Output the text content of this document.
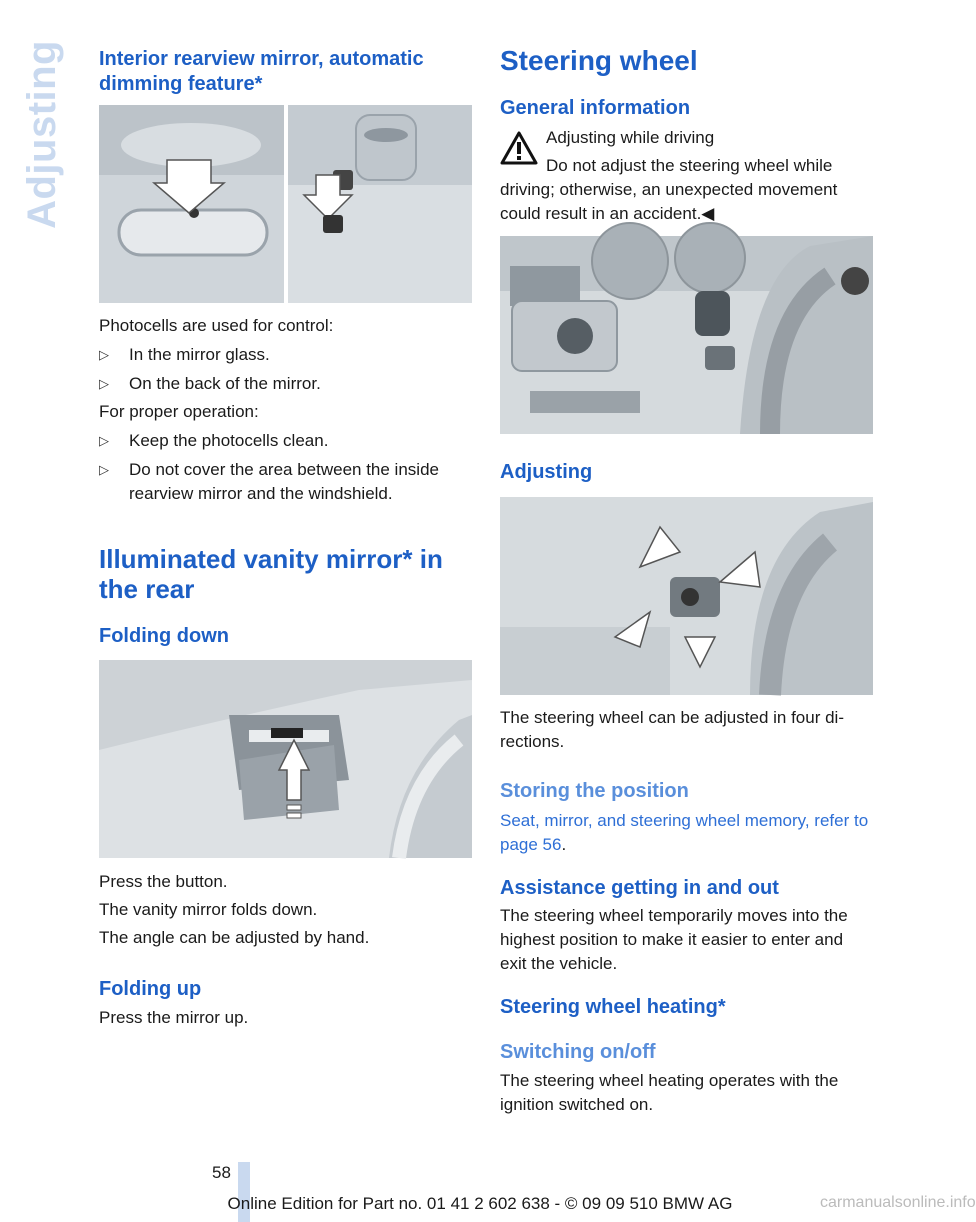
Adjusting Interior rearview mirror, automatic dimming feature*
Photocells are used for control:
▷ In the mirror glass.
▷ On the back of the mirror.
For proper operation:
▷ Keep the photocells clean.
▷ Do not cover the area between the inside rearview mirror and the windshield.
Illuminated vanity mirror* in the rear
Folding down
Press the button.
The vanity mirror folds down.
The angle can be adjusted by hand.
Folding up
Press the mirror up.
Steering wheel
General information
Adjusting while driving
Do not adjust the steering wheel while driving; otherwise, an unexpected movement could result in an accident.◀
Adjusting
The steering wheel can be adjusted in four di- rections.
Storing the position
Seat, mirror, and steering wheel memory, refer to page 56.
Assistance getting in and out
The steering wheel temporarily moves into the highest position to make it easier to enter and exit the vehicle.
Steering wheel heating*
Switching on/off
The steering wheel heating operates with the ignition switched on.
58
Online Edition for Part no. 01 41 2 602 638 - © 09 09 510 BMW AG	carmanualsonline.info
